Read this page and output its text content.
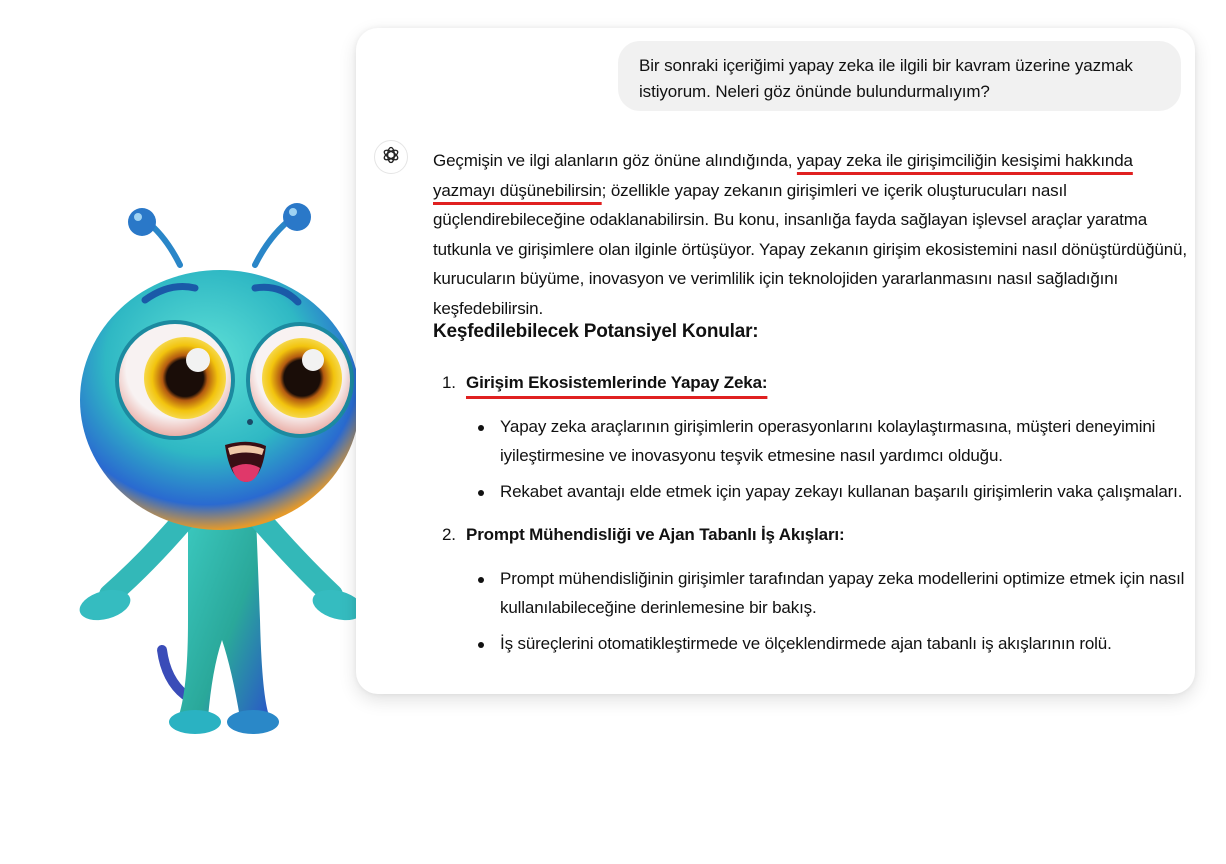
Bir sonraki içeriğimi yapay zeka ile ilgili bir kavram üzerine yazmak istiyorum. Neleri göz önünde bulundurmalıyım?

Geçmişin ve ilgi alanların göz önüne alındığında, yapay zeka ile girişimciliğin kesişimi hakkında yazmayı düşünebilirsin; özellikle yapay zekanın girişimleri ve içerik oluşturucuları nasıl güçlendirebileceğine odaklanabilirsin. Bu konu, insanlığa fayda sağlayan işlevsel araçlar yaratma tutkunla ve girişimlere olan ilginle örtüşüyor. Yapay zekanın girişim ekosistemini nasıl dönüştürdüğünü, kurucuların büyüme, inovasyon ve verimlilik için teknolojiden yararlanmasını nasıl sağladığını keşfedebilirsin.

Keşfedilebilecek Potansiyel Konular:
1. Girişim Ekosistemlerinde Yapay Zeka:
Yapay zeka araçlarının girişimlerin operasyonlarını kolaylaştırmasına, müşteri deneyimini iyileştirmesine ve inovasyonu teşvik etmesine nasıl yardımcı olduğu.
Rekabet avantajı elde etmek için yapay zekayı kullanan başarılı girişimlerin vaka çalışmaları.
2. Prompt Mühendisliği ve Ajan Tabanlı İş Akışları:
Prompt mühendisliğinin girişimler tarafından yapay zeka modellerini optimize etmek için nasıl kullanılabileceğine derinlemesine bir bakış.
İş süreçlerini otomatikleştirmede ve ölçeklendirmede ajan tabanlı iş akışlarının rolü.
